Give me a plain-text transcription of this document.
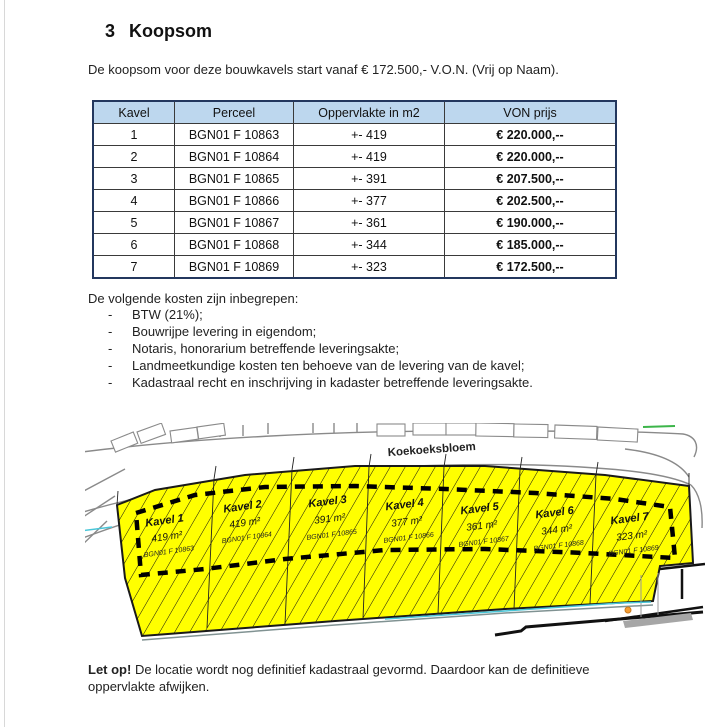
3 Koopsom
De koopsom voor deze bouwkavels start vanaf € 172.500,- V.O.N. (Vrij op Naam).
Kavel	Perceel	Oppervlakte in m2	VON prijs
1	BGN01 F 10863	+- 419	€ 220.000,--
2	BGN01 F 10864	+- 419	€ 220.000,--
3	BGN01 F 10865	+- 391	€ 207.500,--
4	BGN01 F 10866	+- 377	€ 202.500,--
5	BGN01 F 10867	+- 361	€ 190.000,--
6	BGN01 F 10868	+- 344	€ 185.000,--
7	BGN01 F 10869	+- 323	€ 172.500,--
De volgende kosten zijn inbegrepen:
- BTW (21%);
- Bouwrijpe levering in eigendom;
- Notaris, honorarium betreffende leveringsakte;
- Landmeetkundige kosten ten behoeve van de levering van de kavel;
- Kadastraal recht en inschrijving in kadaster betreffende leveringsakte.
Koekoeksbloem
Kavel 1
419 m²
BGN01 F 10863
Kavel 2
419 m²
BGN01 F 10864
Kavel 3
391 m²
BGN01 F 10865
Kavel 4
377 m²
BGN01 F 10866
Kavel 5
361 m²
BGN01 F 10867
Kavel 6
344 m²
BGN01 F 10868
Kavel 7
323 m²
BGN01 F 10869
Let op! De locatie wordt nog definitief kadastraal gevormd. Daardoor kan de definitieve oppervlakte afwijken.
